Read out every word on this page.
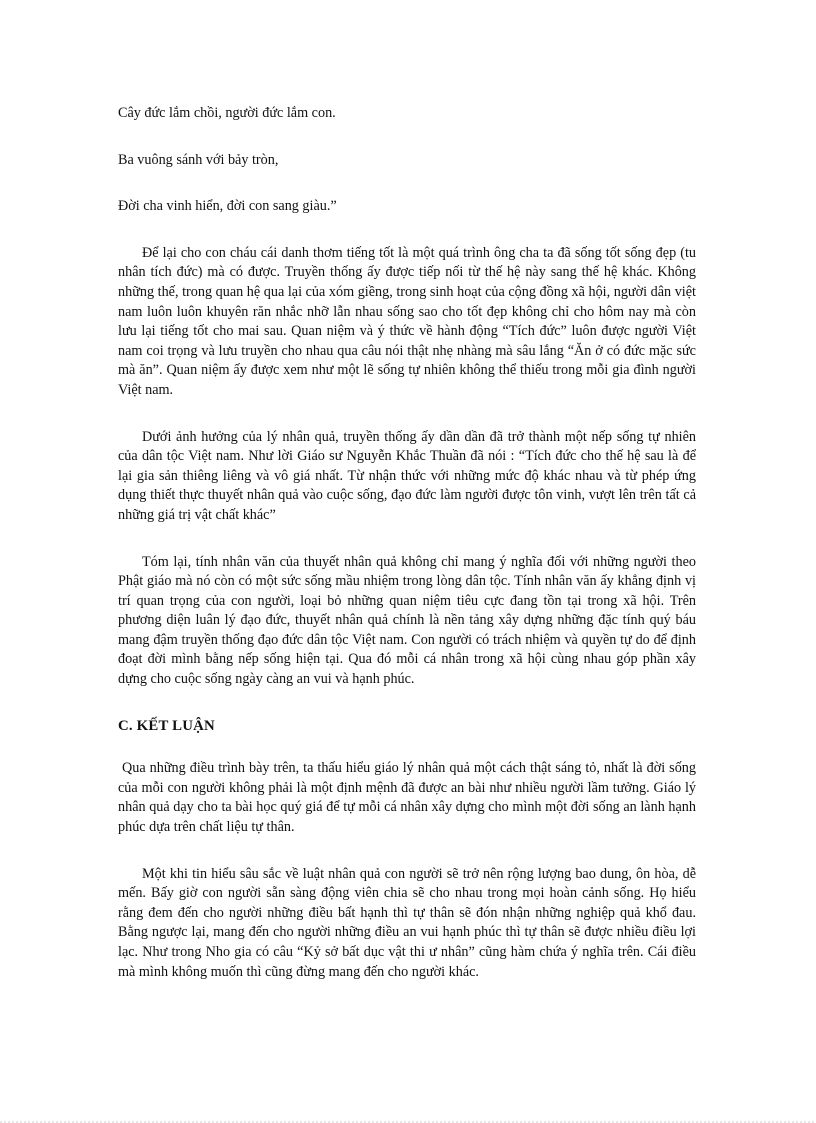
Cây đức lắm chồi, người đức lắm con.

Ba vuông sánh với bảy tròn,

Đời cha vinh hiển, đời con sang giàu.”

Để lại cho con cháu cái danh thơm tiếng tốt là một quá trình ông cha ta đã sống tốt sống đẹp (tu nhân tích đức) mà có được. Truyền thống ấy được tiếp nối từ thế hệ này sang thế hệ khác. Không những thế, trong quan hệ qua lại của xóm giềng, trong sinh hoạt của cộng đồng xã hội, người dân việt nam luôn luôn khuyên răn nhắc nhỡ lẫn nhau sống sao cho tốt đẹp không chỉ cho hôm nay mà còn lưu lại tiếng tốt cho mai sau. Quan niệm và ý thức về hành động “Tích đức” luôn được người Việt nam coi trọng và lưu truyền cho nhau qua câu nói thật nhẹ nhàng mà sâu lắng “Ăn ở có đức mặc sức mà ăn”. Quan niệm ấy được xem như một lẽ sống tự nhiên không thể thiếu trong mỗi gia đình người Việt nam.

Dưới ảnh hưởng của lý nhân quả, truyền thống ấy dần dần đã trở thành một nếp sống tự nhiên của dân tộc Việt nam. Như lời Giáo sư Nguyễn Khắc Thuần đã nói : “Tích đức cho thế hệ sau là để lại gia sản thiêng liêng và vô giá nhất. Từ nhận thức với những mức độ khác nhau và từ phép ứng dụng thiết thực thuyết nhân quả vào cuộc sống, đạo đức làm người được tôn vinh, vượt lên trên tất cả những giá trị vật chất khác”

Tóm lại, tính nhân văn của thuyết nhân quả không chỉ mang ý nghĩa đối với những người theo Phật giáo mà nó còn có một sức sống mầu nhiệm trong lòng dân tộc. Tính nhân văn ấy khẳng định vị trí quan trọng của con người, loại bỏ những quan niệm tiêu cực đang tồn tại trong xã hội. Trên phương diện luân lý đạo đức, thuyết nhân quả chính là nền tảng xây dựng những đặc tính quý báu mang đậm truyền thống đạo đức dân tộc Việt nam. Con người có trách nhiệm và quyền tự do để định đoạt đời mình bằng nếp sống hiện tại. Qua đó mỗi cá nhân trong xã hội cùng nhau góp phần xây dựng cho cuộc sống ngày càng an vui và hạnh phúc.

C. KẾT LUẬN

Qua những điều trình bày trên, ta thấu hiểu giáo lý nhân quả một cách thật sáng tỏ, nhất là đời sống của mỗi con người không phải là một định mệnh đã được an bài như nhiều người lầm tưởng. Giáo lý nhân quả dạy cho ta bài học quý giá để tự mỗi cá nhân xây dựng cho mình một đời sống an lành hạnh phúc dựa trên chất liệu tự thân.

Một khi tin hiểu sâu sắc về luật nhân quả con người sẽ trở nên rộng lượng bao dung, ôn hòa, dễ mến. Bấy giờ con người sẵn sàng động viên chia sẽ cho nhau trong mọi hoàn cảnh sống. Họ hiểu rằng đem đến cho người những điều bất hạnh thì tự thân sẽ đón nhận những nghiệp quả khổ đau. Bằng ngược lại, mang đến cho người những điều an vui hạnh phúc thì tự thân sẽ được nhiều điều lợi lạc. Như trong Nho gia có câu “Kỷ sở bất dục vật thi ư nhân” cũng hàm chứa ý nghĩa trên. Cái điều mà mình không muốn thì cũng đừng mang đến cho người khác.
